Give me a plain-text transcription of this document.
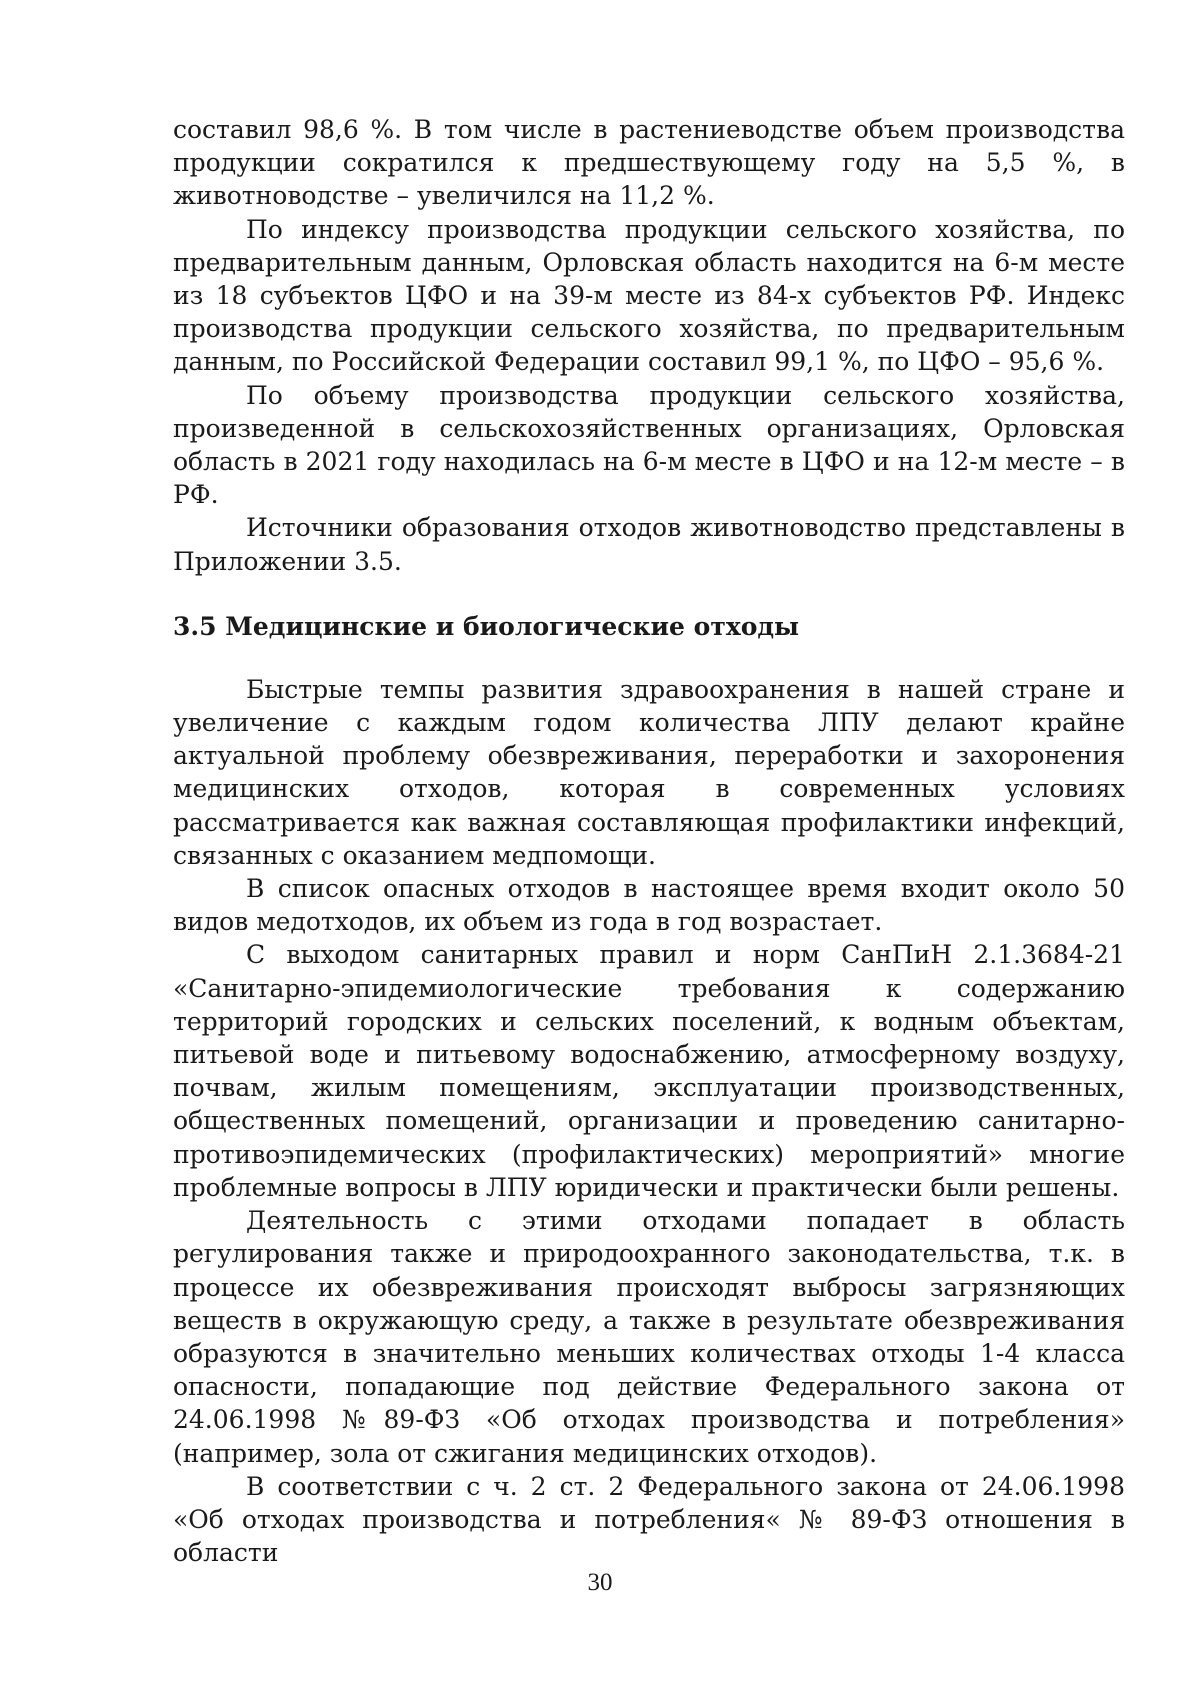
составил 98,6 %. В том числе в растениеводстве объем производства продукции сократился к предшествующему году на 5,5 %, в животноводстве – увеличился на 11,2 %.

По индексу производства продукции сельского хозяйства, по предварительным данным, Орловская область находится на 6-м месте из 18 субъектов ЦФО и на 39-м месте из 84-х субъектов РФ. Индекс производства продукции сельского хозяйства, по предварительным данным, по Российской Федерации составил 99,1 %, по ЦФО – 95,6 %.

По объему производства продукции сельского хозяйства, произведенной в сельскохозяйственных организациях, Орловская область в 2021 году находилась на 6-м месте в ЦФО и на 12-м месте – в РФ.

Источники образования отходов животноводство представлены в Приложении 3.5.

3.5 Медицинские и биологические отходы

Быстрые темпы развития здравоохранения в нашей стране и увеличение с каждым годом количества ЛПУ делают крайне актуальной проблему обезвреживания, переработки и захоронения медицинских отходов, которая в современных условиях рассматривается как важная составляющая профилактики инфекций, связанных с оказанием медпомощи.

В список опасных отходов в настоящее время входит около 50 видов медотходов, их объем из года в год возрастает.

С выходом санитарных правил и норм СанПиН 2.1.3684-21 «Санитарно-эпидемиологические требования к содержанию территорий городских и сельских поселений, к водным объектам, питьевой воде и питьевому водоснабжению, атмосферному воздуху, почвам, жилым помещениям, эксплуатации производственных, общественных помещений, организации и проведению санитарно-противоэпидемических (профилактических) мероприятий» многие проблемные вопросы в ЛПУ юридически и практически были решены.

Деятельность с этими отходами попадает в область регулирования также и природоохранного законодательства, т.к. в процессе их обезвреживания происходят выбросы загрязняющих веществ в окружающую среду, а также в результате обезвреживания образуются в значительно меньших количествах отходы 1-4 класса опасности, попадающие под действие Федерального закона от 24.06.1998 №89-ФЗ «Об отходах производства и потребления» (например, зола от сжигания медицинских отходов).

В соответствии с ч. 2 ст. 2 Федерального закона от 24.06.1998 «Об отходах производства и потребления« № 89-ФЗ отношения в области

30
